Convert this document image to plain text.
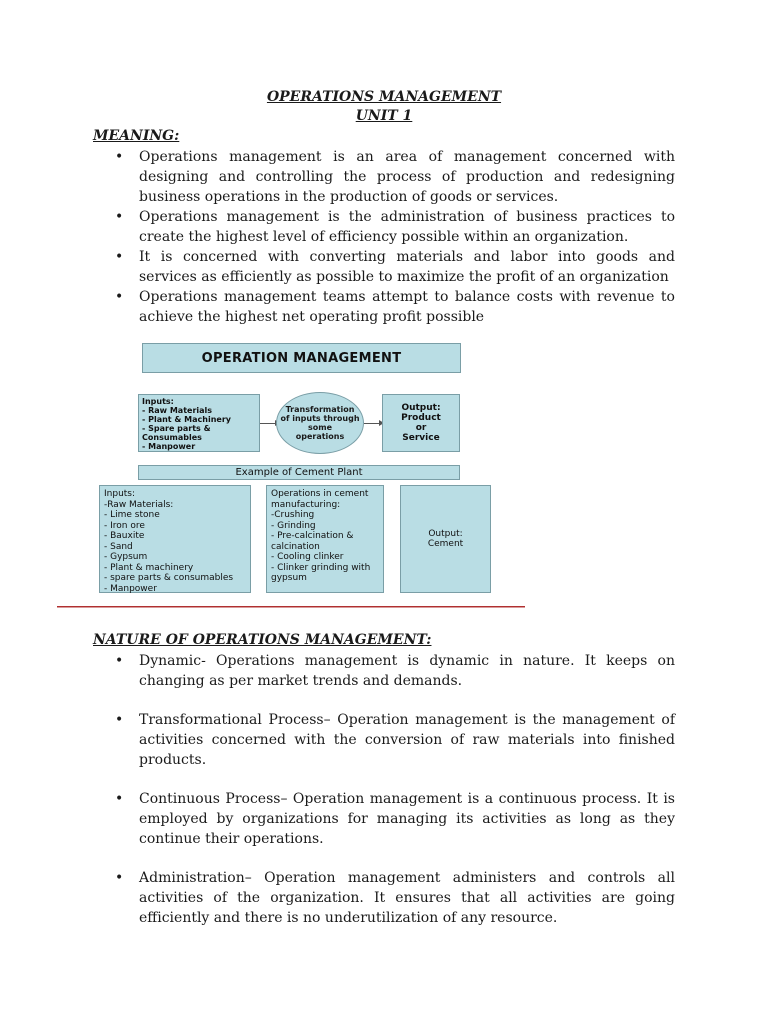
OPERATIONS MANAGEMENT
UNIT 1
MEANING:
• Operations management is an area of management concerned with designing and controlling the process of production and redesigning business operations in the production of goods or services.
• Operations management is the administration of business practices to create the highest level of efficiency possible within an organization.
• It is concerned with converting materials and labor into goods and services as efficiently as possible to maximize the profit of an organization
• Operations management teams attempt to balance costs with revenue to achieve the highest net operating profit possible
OPERATION MANAGEMENT
Inputs:
- Raw Materials
- Plant & Machinery
- Spare parts &
Consumables
- Manpower
Transformation
of inputs through
some
operations
Output:
Product
or
Service
Example of Cement Plant
Inputs:
-Raw Materials:
- Lime stone
- Iron ore
- Bauxite
- Sand
- Gypsum
- Plant & machinery
- spare parts & consumables
- Manpower
Operations in cement
manufacturing:
-Crushing
- Grinding
- Pre-calcination &
calcination
- Cooling clinker
- Clinker grinding with
gypsum
Output:
Cement
NATURE OF OPERATIONS MANAGEMENT:
• Dynamic- Operations management is dynamic in nature. It keeps on changing as per market trends and demands.
• Transformational Process– Operation management is the management of activities concerned with the conversion of raw materials into finished products.
• Continuous Process– Operation management is a continuous process. It is employed by organizations for managing its activities as long as they continue their operations.
• Administration– Operation management administers and controls all activities of the organization. It ensures that all activities are going efficiently and there is no underutilization of any resource.
